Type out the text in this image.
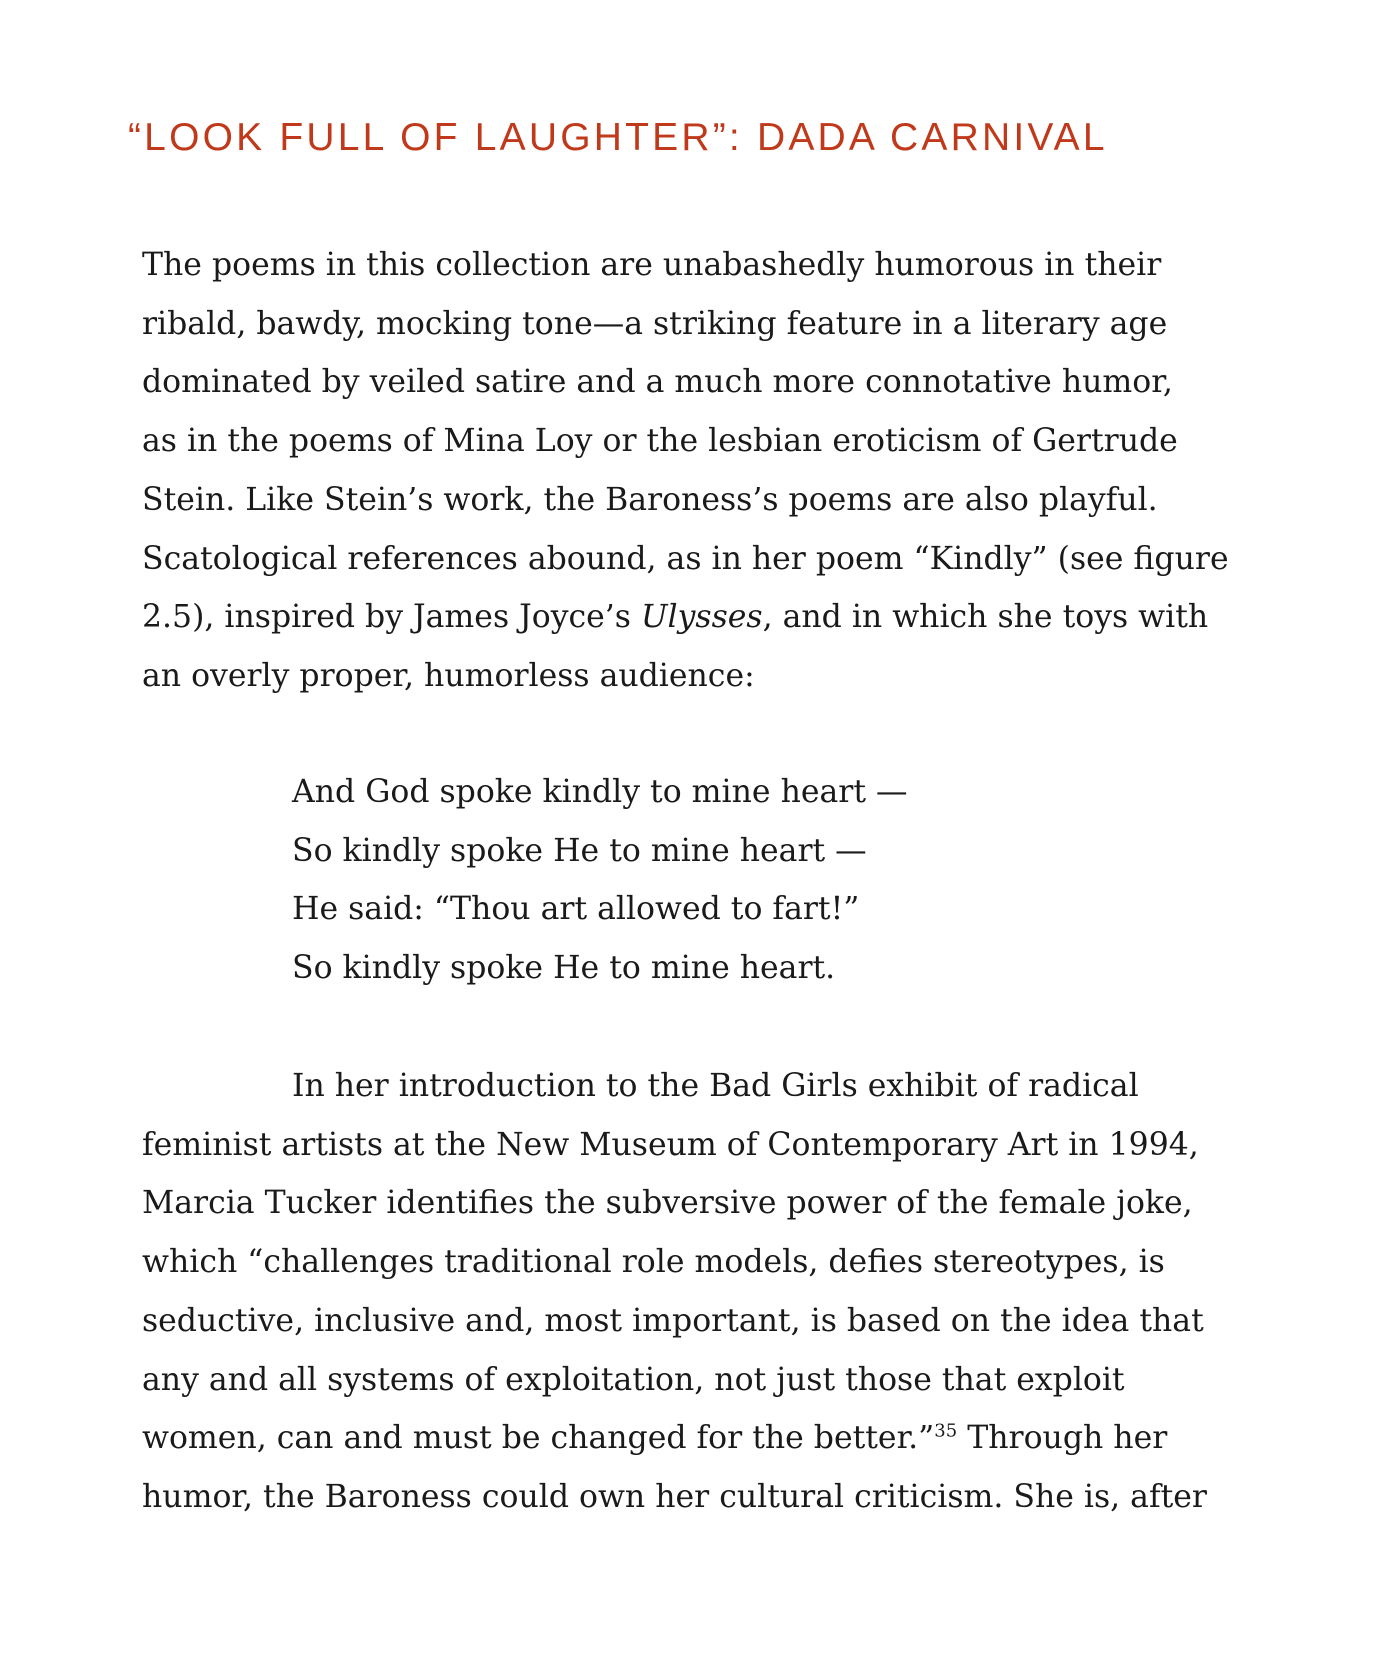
“LOOK FULL OF LAUGHTER”: DADA CARNIVAL

The poems in this collection are unabashedly humorous in their
ribald, bawdy, mocking tone—a striking feature in a literary age
dominated by veiled satire and a much more connotative humor,
as in the poems of Mina Loy or the lesbian eroticism of Gertrude
Stein. Like Stein’s work, the Baroness’s poems are also playful.
Scatological references abound, as in her poem “Kindly” (see figure
2.5), inspired by James Joyce’s Ulysses, and in which she toys with
an overly proper, humorless audience:

And God spoke kindly to mine heart —
So kindly spoke He to mine heart —
He said: “Thou art allowed to fart!”
So kindly spoke He to mine heart.

In her introduction to the Bad Girls exhibit of radical
feminist artists at the New Museum of Contemporary Art in 1994,
Marcia Tucker identifies the subversive power of the female joke,
which “challenges traditional role models, defies stereotypes, is
seductive, inclusive and, most important, is based on the idea that
any and all systems of exploitation, not just those that exploit
women, can and must be changed for the better.”$^{35}$ Through her
humor, the Baroness could own her cultural criticism. She is, after
